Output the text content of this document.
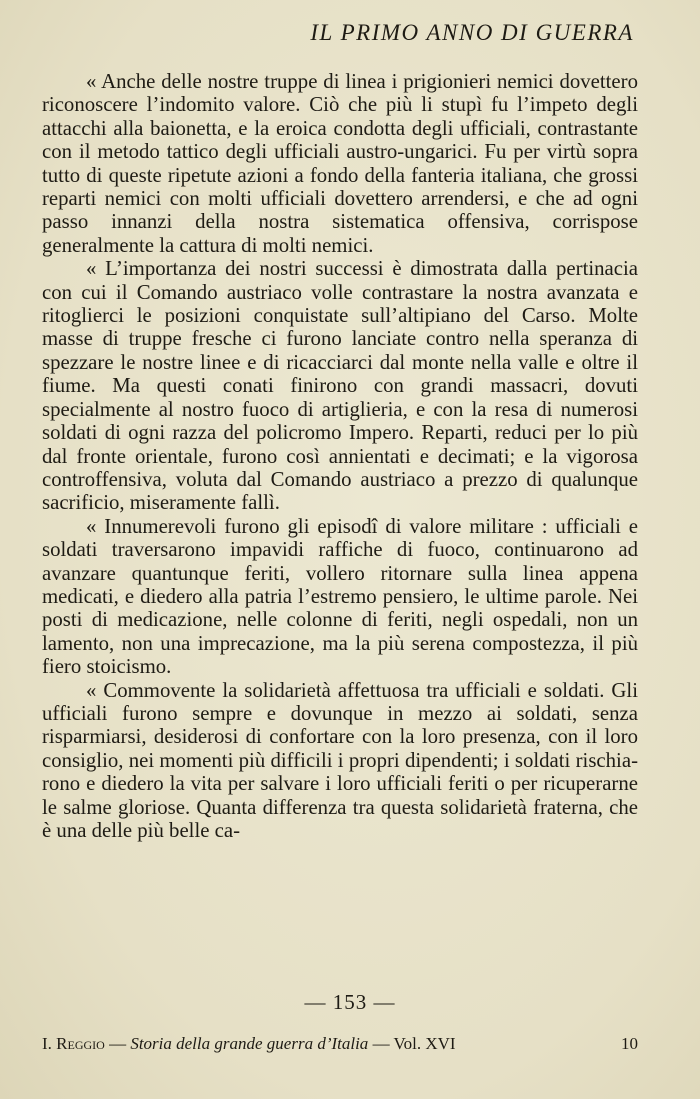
IL PRIMO ANNO DI GUERRA

« Anche delle nostre truppe di linea i prigionieri nemici dovettero riconoscere l’indomito valore. Ciò che più li stupì fu l’impeto degli attacchi alla baionetta, e la eroica condotta degli ufficiali, contrastante con il metodo tattico degli ufficiali austro-ungarici. Fu per virtù sopra tutto di queste ripetute azioni a fondo della fanteria italiana, che grossi reparti nemici con molti ufficiali dovettero arrendersi, e che ad ogni passo innanzi della nostra sistematica offensiva, corrispose generalmente la cattura di molti nemici.

« L’importanza dei nostri successi è dimostrata dalla pertinacia con cui il Comando austriaco volle contrastare la nostra avanzata e ritoglierci le posizioni conquistate sull’altipiano del Carso. Molte masse di truppe fresche ci furono lanciate contro nella speranza di spezzare le nostre linee e di ricacciarci dal monte nella valle e oltre il fiume. Ma questi conati finirono con grandi massacri, dovuti specialmente al nostro fuoco di artiglieria, e con la resa di numerosi soldati di ogni razza del policromo Impero. Reparti, reduci per lo più dal fronte orientale, furono così annientati e decimati; e la vigorosa controffensiva, voluta dal Comando austriaco a prezzo di qualunque sacrificio, miseramente fallì.

« Innumerevoli furono gli episodî di valore militare : ufficiali e soldati traversarono impavidi raffiche di fuoco, continuarono ad avanzare quantunque feriti, vollero ritornare sulla linea appena medicati, e diedero alla patria l’estremo pensiero, le ultime parole. Nei posti di medicazione, nelle colonne di feriti, negli ospedali, non un lamento, non una imprecazione, ma la più serena compostezza, il più fiero stoicismo.

« Commovente la solidarietà affettuosa tra ufficiali e soldati. Gli ufficiali furono sempre e dovunque in mezzo ai soldati, senza risparmiarsi, desiderosi di confortare con la loro presenza, con il loro consiglio, nei momenti più difficili i propri dipendenti; i soldati rischiarono e diedero la vita per salvare i loro ufficiali feriti o per ricuperarne le salme gloriose. Quanta differenza tra questa solidarietà fraterna, che è una delle più belle ca-

— 153 —
I. Reggio — Storia della grande guerra d’Italia — Vol. XVI	10
